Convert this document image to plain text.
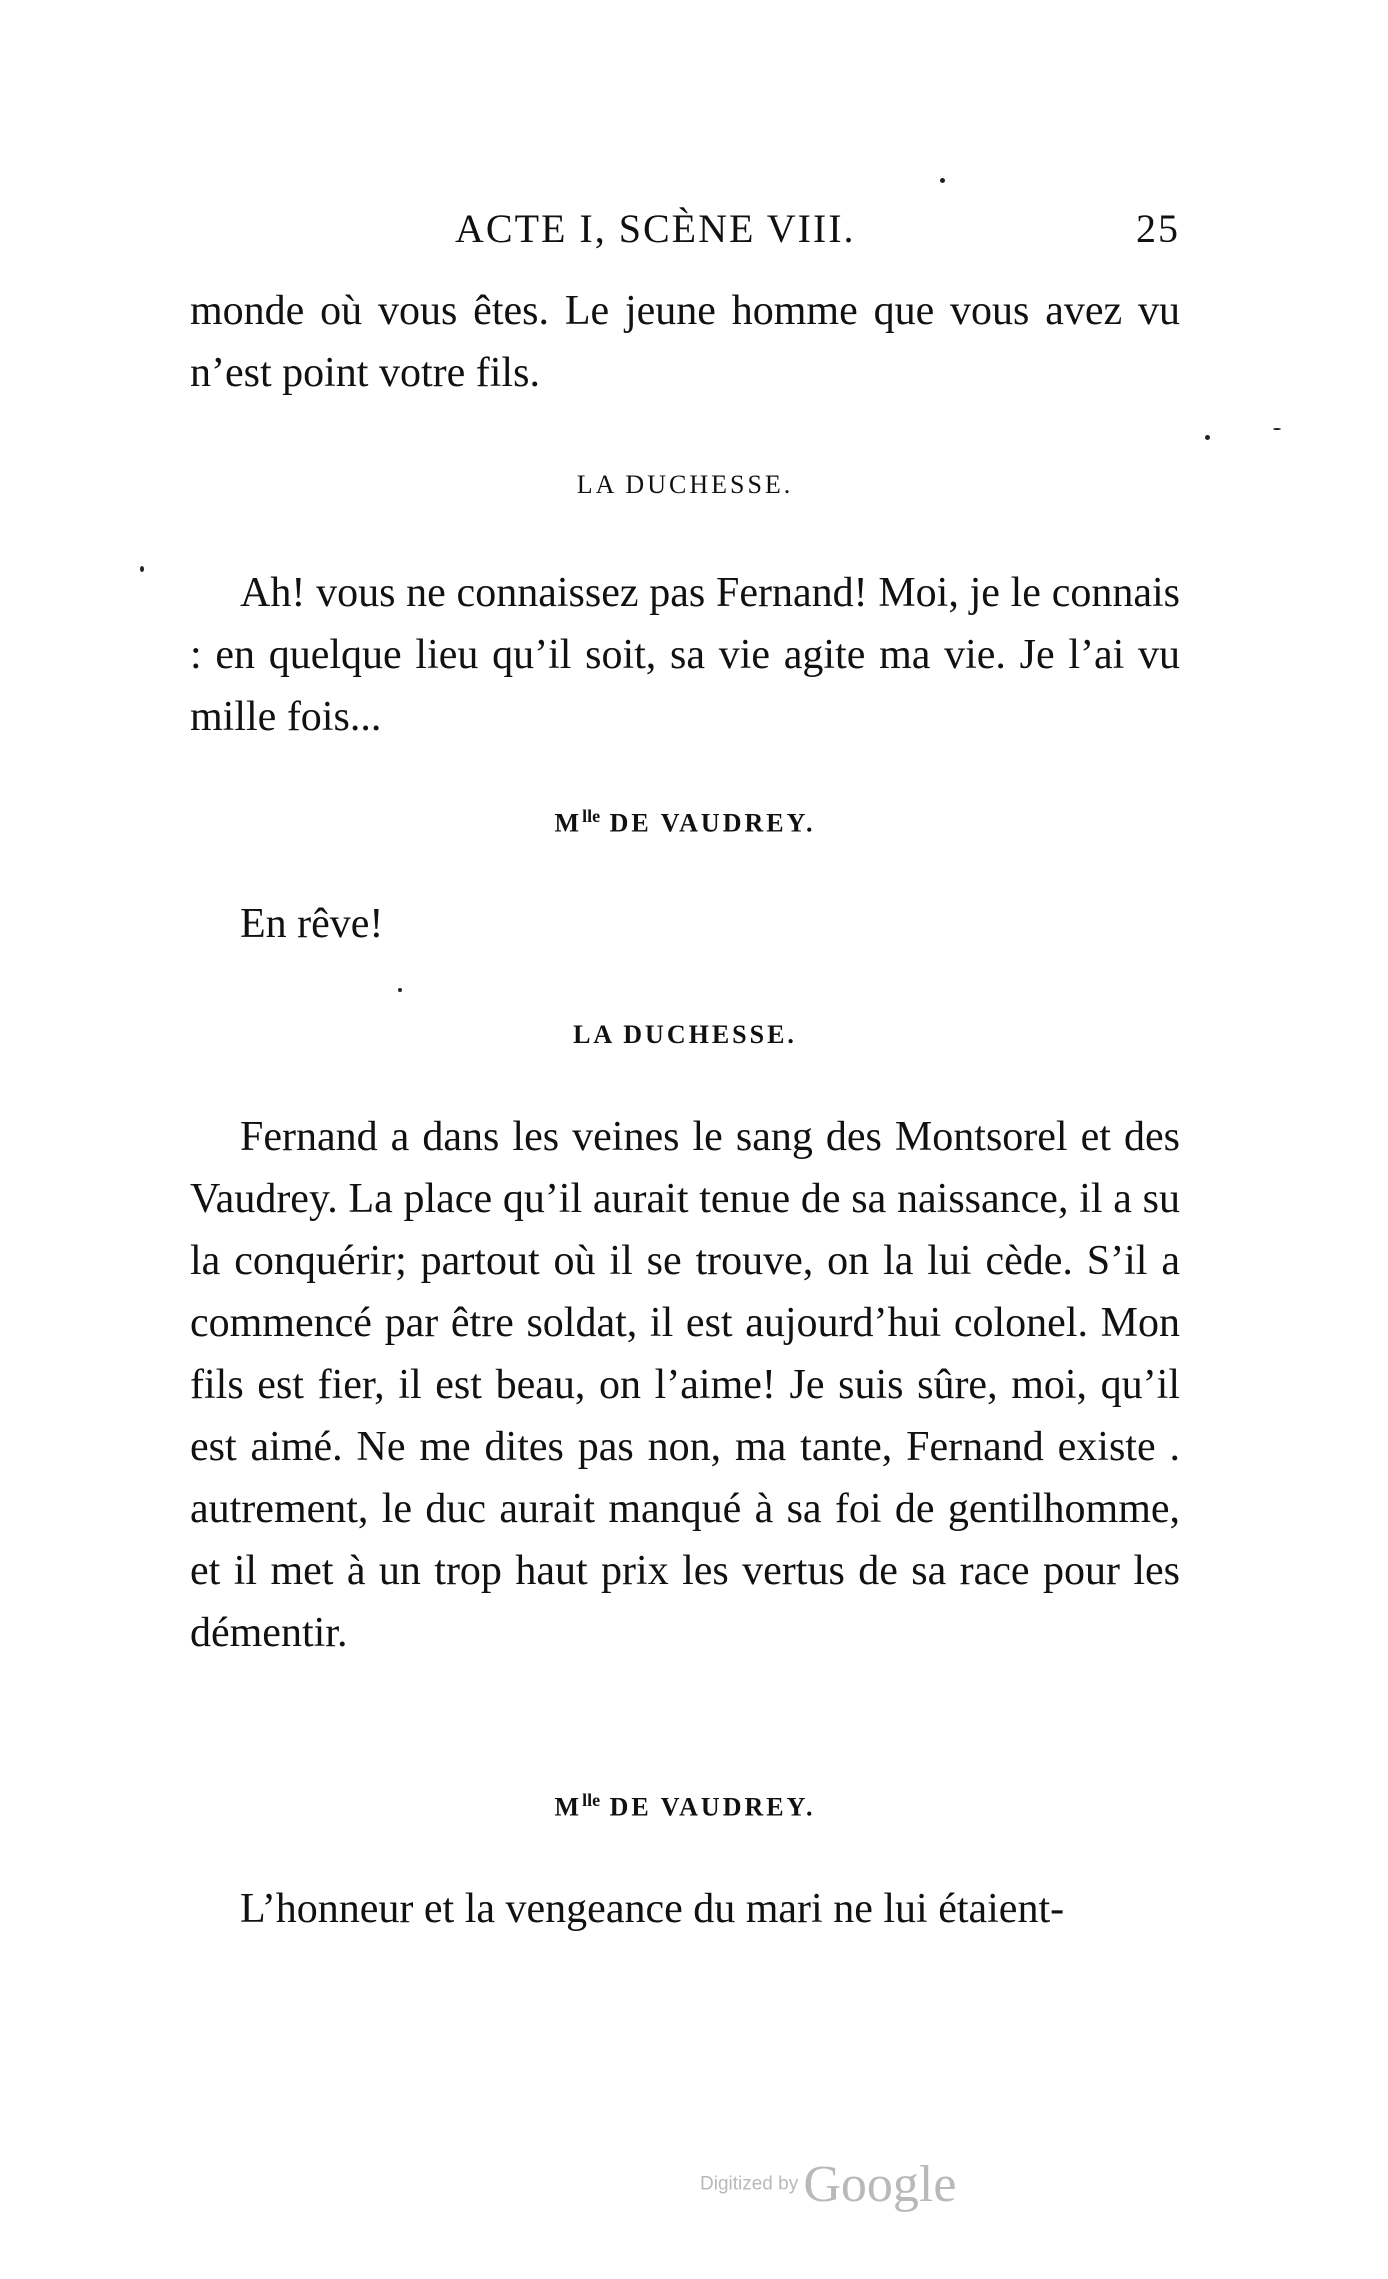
ACTE I, SCÈNE VIII.	25

monde où vous êtes. Le jeune homme que vous avez vu n’est point votre fils.

LA DUCHESSE.

Ah! vous ne connaissez pas Fernand! Moi, je le connais : en quelque lieu qu’il soit, sa vie agite ma vie. Je l’ai vu mille fois...

$M^{lle}$ DE VAUDREY.

En rêve!

LA DUCHESSE.

Fernand a dans les veines le sang des Montsorel et des Vaudrey. La place qu’il aurait tenue de sa naissance, il a su la conquérir; partout où il se trouve, on la lui cède. S’il a commencé par être soldat, il est aujourd’hui colonel. Mon fils est fier, il est beau, on l’aime! Je suis sûre, moi, qu’il est aimé. Ne me dites pas non, ma tante, Fernand existe . autrement, le duc aurait manqué à sa foi de gentilhomme, et il met à un trop haut prix les vertus de sa race pour les démentir.

$M^{lle}$ DE VAUDREY.

L’honneur et la vengeance du mari ne lui étaient-

Digitized by Google
